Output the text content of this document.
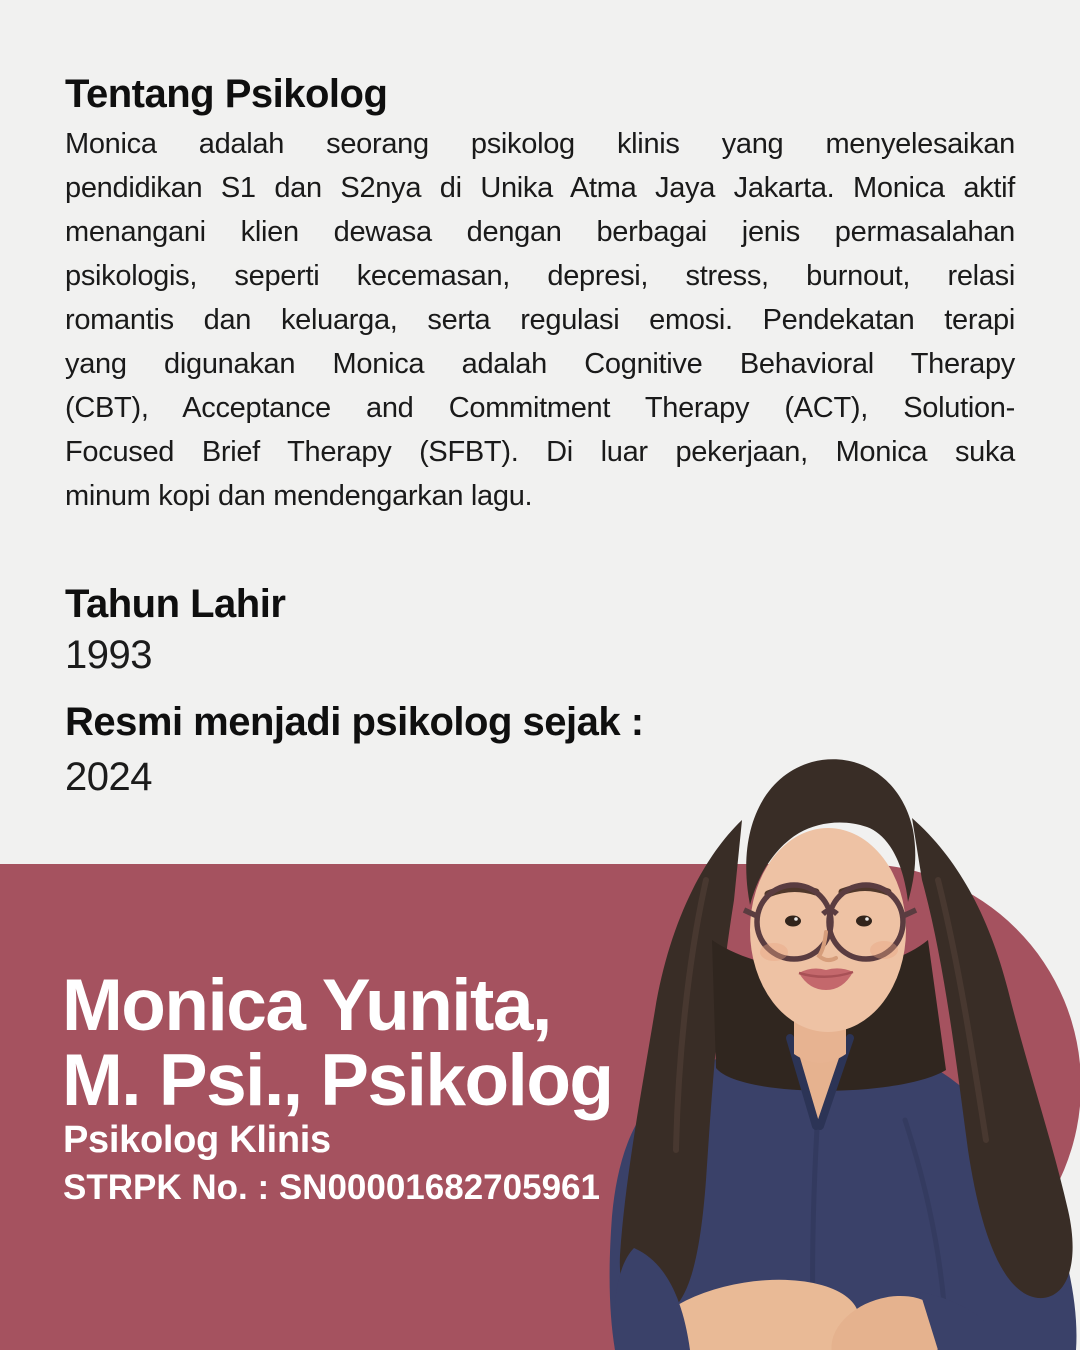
Tentang Psikolog
Monica adalah seorang psikolog klinis yang menyelesaikan
pendidikan S1 dan S2nya di Unika Atma Jaya Jakarta. Monica aktif
menangani klien dewasa dengan berbagai jenis permasalahan
psikologis, seperti kecemasan, depresi, stress, burnout, relasi
romantis dan keluarga, serta regulasi emosi. Pendekatan terapi
yang digunakan Monica adalah Cognitive Behavioral Therapy
(CBT), Acceptance and Commitment Therapy (ACT), Solution-
Focused Brief Therapy (SFBT). Di luar pekerjaan, Monica suka
minum kopi dan mendengarkan lagu.
Tahun Lahir
1993
Resmi menjadi psikolog sejak :
2024
Monica Yunita,
M. Psi., Psikolog
Psikolog Klinis
STRPK No. : SN00001682705961
